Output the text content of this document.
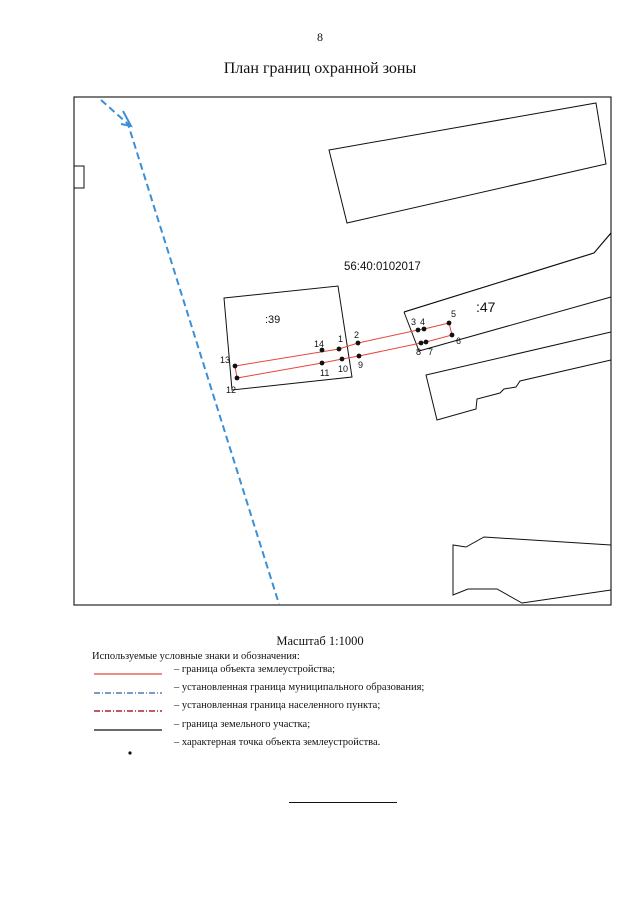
8
План границ охранной зоны
1 2
3 4
5
6
7
8
9
10
11
12
13
14
56:40:0102017
:39
:47
Масштаб 1:1000
Используемые условные знаки и обозначения:
– граница объекта землеустройства;
– установленная граница муниципального образования;
– установленная граница населенного пункта;
– граница земельного участка;
– характерная точка объекта землеустройства.
